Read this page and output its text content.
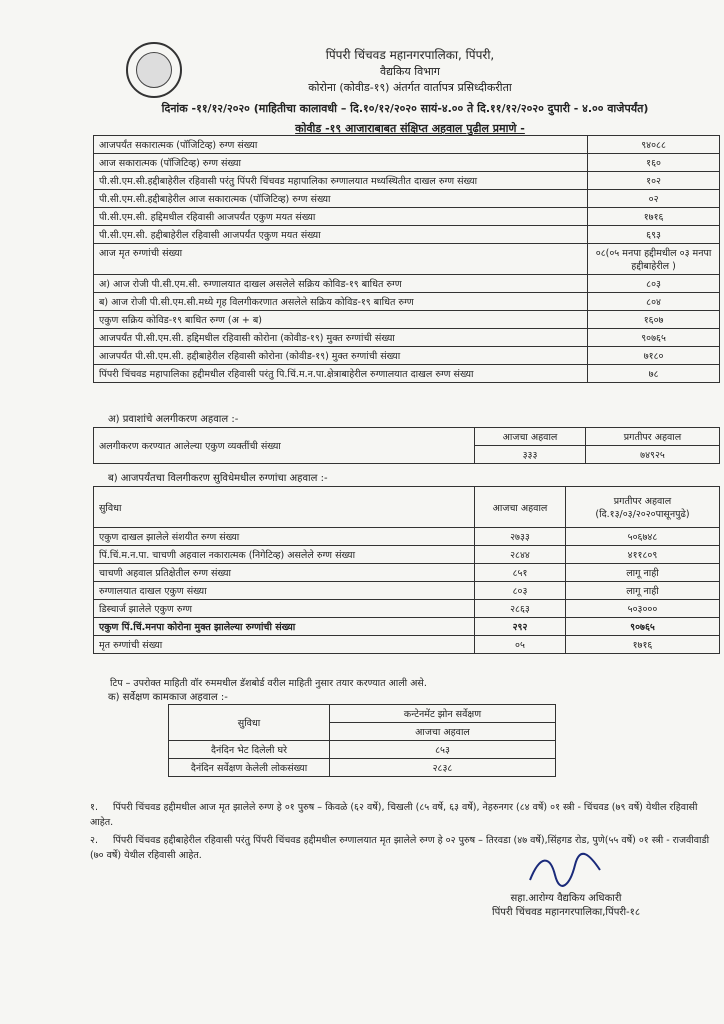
पिंपरी चिंचवड महानगरपालिका, पिंपरी,
वैद्यकिय विभाग
कोरोना (कोवीड-१९) अंतर्गत वार्तापत्र प्रसिध्दीकरीता
दिनांक -११/१२/२०२० (माहितीचा कालावधी – दि.१०/१२/२०२० सायं-४.०० ते दि.११/१२/२०२० दुपारी - ४.०० वाजेपर्यंत)
कोवीड -१९ आजाराबाबत संक्षिप्त अहवाल पुढील प्रमाणे -
आजपर्यंत सकारात्मक (पॉजिटिव्ह) रुग्ण संख्या	९४०८८
आज सकारात्मक (पॉजिटिव्ह) रुग्ण संख्या	१६०
पी.सी.एम.सी.हद्दीबाहेरील रहिवासी परंतु पिंपरी चिंचवड महापालिका रुग्णालयात मध्यस्थितीत दाखल रुग्ण संख्या	१०२
पी.सी.एम.सी.हद्दीबाहेरील आज सकारात्मक (पॉजिटिव्ह) रुग्ण संख्या	०२
पी.सी.एम.सी. हद्दिमधील रहिवासी आजपर्यंत एकुण मयत संख्या	१७१६
पी.सी.एम.सी. हद्दीबाहेरील रहिवासी आजपर्यंत एकुण मयत संख्या	६९३
आज मृत रुग्णांची संख्या	०८(०५ मनपा हद्दीमधील ०३ मनपा हद्दीबाहेरील )
अ) आज रोजी पी.सी.एम.सी. रुग्णालयात दाखल असलेले सक्रिय कोविड-१९ बाधित रुग्ण	८०३
ब) आज रोजी पी.सी.एम.सी.मध्ये गृह विलगीकरणात असलेले सक्रिय कोविड-१९ बाधित रुग्ण	८०४
एकुण सक्रिय कोविड-१९ बाधित रुग्ण (अ + ब)	१६०७
आजपर्यंत पी.सी.एम.सी. हद्दिमधील रहिवासी कोरोना (कोवीड-१९) मुक्त रुग्णांची संख्या	९०७६५
आजपर्यंत पी.सी.एम.सी. हद्दीबाहेरील रहिवासी कोरोना (कोवीड-१९) मुक्त रुग्णांची संख्या	७१८०
पिंपरी चिंचवड महापालिका हद्दीमधील रहिवासी परंतु पि.चिं.म.न.पा.क्षेत्राबाहेरील रुग्णालयात दाखल रुग्ण संख्या	७८
अ) प्रवाशांचे अलगीकरण अहवाल :-
अलगीकरण करण्यात आलेल्या एकुण व्यक्तींची संख्या	आजचा अहवाल	प्रगतीपर अहवाल
	३३३	७४९२५
ब) आजपर्यंतचा विलगीकरण सुविधेमधील रुग्णांचा अहवाल :-
सुविधा	आजचा अहवाल	प्रगतीपर अहवाल (दि.१३/०३/२०२०पासूनपुढे)
एकुण दाखल झालेले संशयीत रुग्ण संख्या	२७३३	५०६७४८
पिं.चिं.म.न.पा. चाचणी अहवाल नकारात्मक (निगेटिव्ह) असलेले रुग्ण संख्या	२८४४	४११८०९
चाचणी अहवाल प्रतिक्षेतील रुग्ण संख्या	८५१	लागू नाही
रुग्णालयात दाखल एकुण संख्या	८०३	लागू नाही
डिस्चार्ज झालेले एकुण रुग्ण	२८६३	५०३०००
एकुण पिं.चिं.मनपा कोरोना मुक्त झालेल्या रुग्णांची संख्या	२९२	९०७६५
मृत रुग्णांची संख्या	०५	१७१६
टिप – उपरोक्त माहिती वॉर रुममधील डॅशबोर्ड वरील माहिती नुसार तयार करण्यात आली असे.
क) सर्वेक्षण कामकाज अहवाल :-
सुविधा	कन्टेनमेंट झोन सर्वेक्षण
	आजचा अहवाल
दैनंदिन भेट दिलेली घरे	८५३
दैनंदिन सर्वेक्षण केलेली लोकसंख्या	२८३८
१. पिंपरी चिंचवड हद्दीमधील आज मृत झालेले रुग्ण हे ०१ पुरुष – किवळे (६२ वर्षे), चिखली (८५ वर्षे, ६३ वर्षे), नेहरुनगर (८४ वर्षे) ०१ स्त्री - चिंचवड (७९ वर्षे) येथील रहिवासी आहेत.
२. पिंपरी चिंचवड हद्दीबाहेरील रहिवासी परंतु पिंपरी चिंचवड हद्दीमधील रुग्णालयात मृत झालेले रुग्ण हे ०२ पुरुष – तिरवडा (४७ वर्षे),सिंहगड रोड, पुणे(५५ वर्षे) ०१ स्त्री - राजवीवाडी (७० वर्षे) येथील रहिवासी आहेत.
सहा.आरोग्य वैद्यकिय अधिकारी
पिंपरी चिंचवड महानगरपालिका,पिंपरी-१८
